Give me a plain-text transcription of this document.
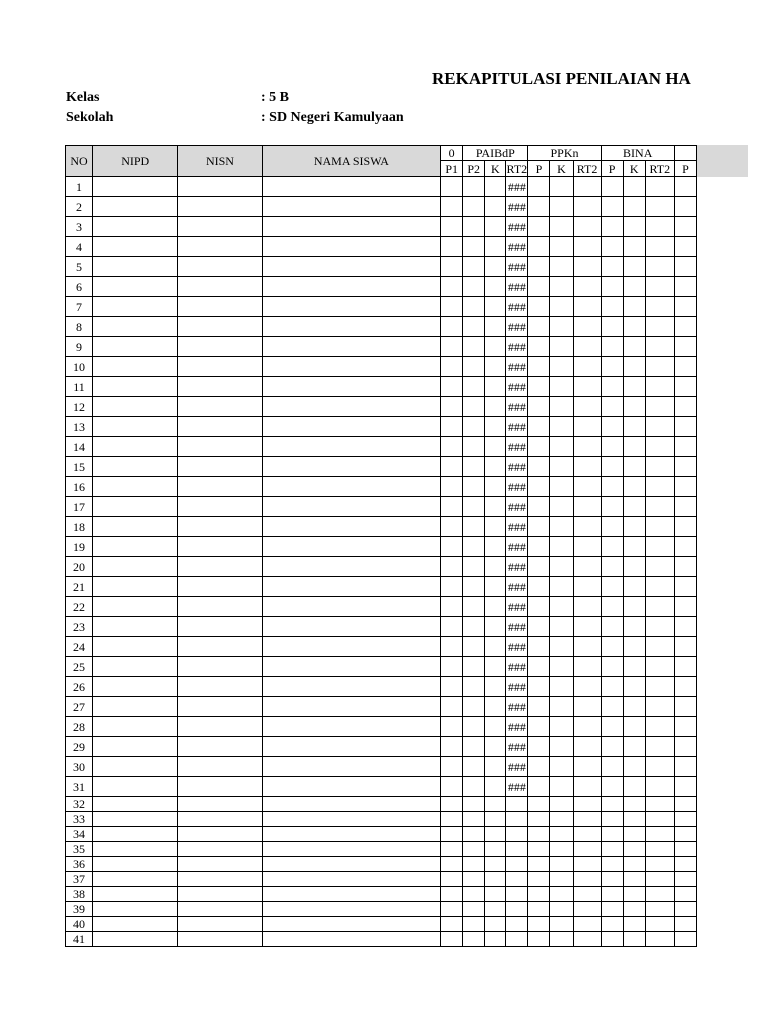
REKAPITULASI PENILAIAN HA
Kelas	: 5 B
Sekolah	: SD Negeri Kamulyaan
NO	NIPD	NISN	NAMA SISWA	0	PAIBdP			PPKn			BINA			
				P1	P2	K	RT2	P	K	RT2	P	K	RT2	P
1							###							
2							###							
3							###							
4							###							
5							###							
6							###							
7							###							
8							###							
9							###							
10							###							
11							###							
12							###							
13							###							
14							###							
15							###							
16							###							
17							###							
18							###							
19							###							
20							###							
21							###							
22							###							
23							###							
24							###							
25							###							
26							###							
27							###							
28							###							
29							###							
30							###							
31							###							
32														
33														
34														
35														
36														
37														
38														
39														
40														
41														
